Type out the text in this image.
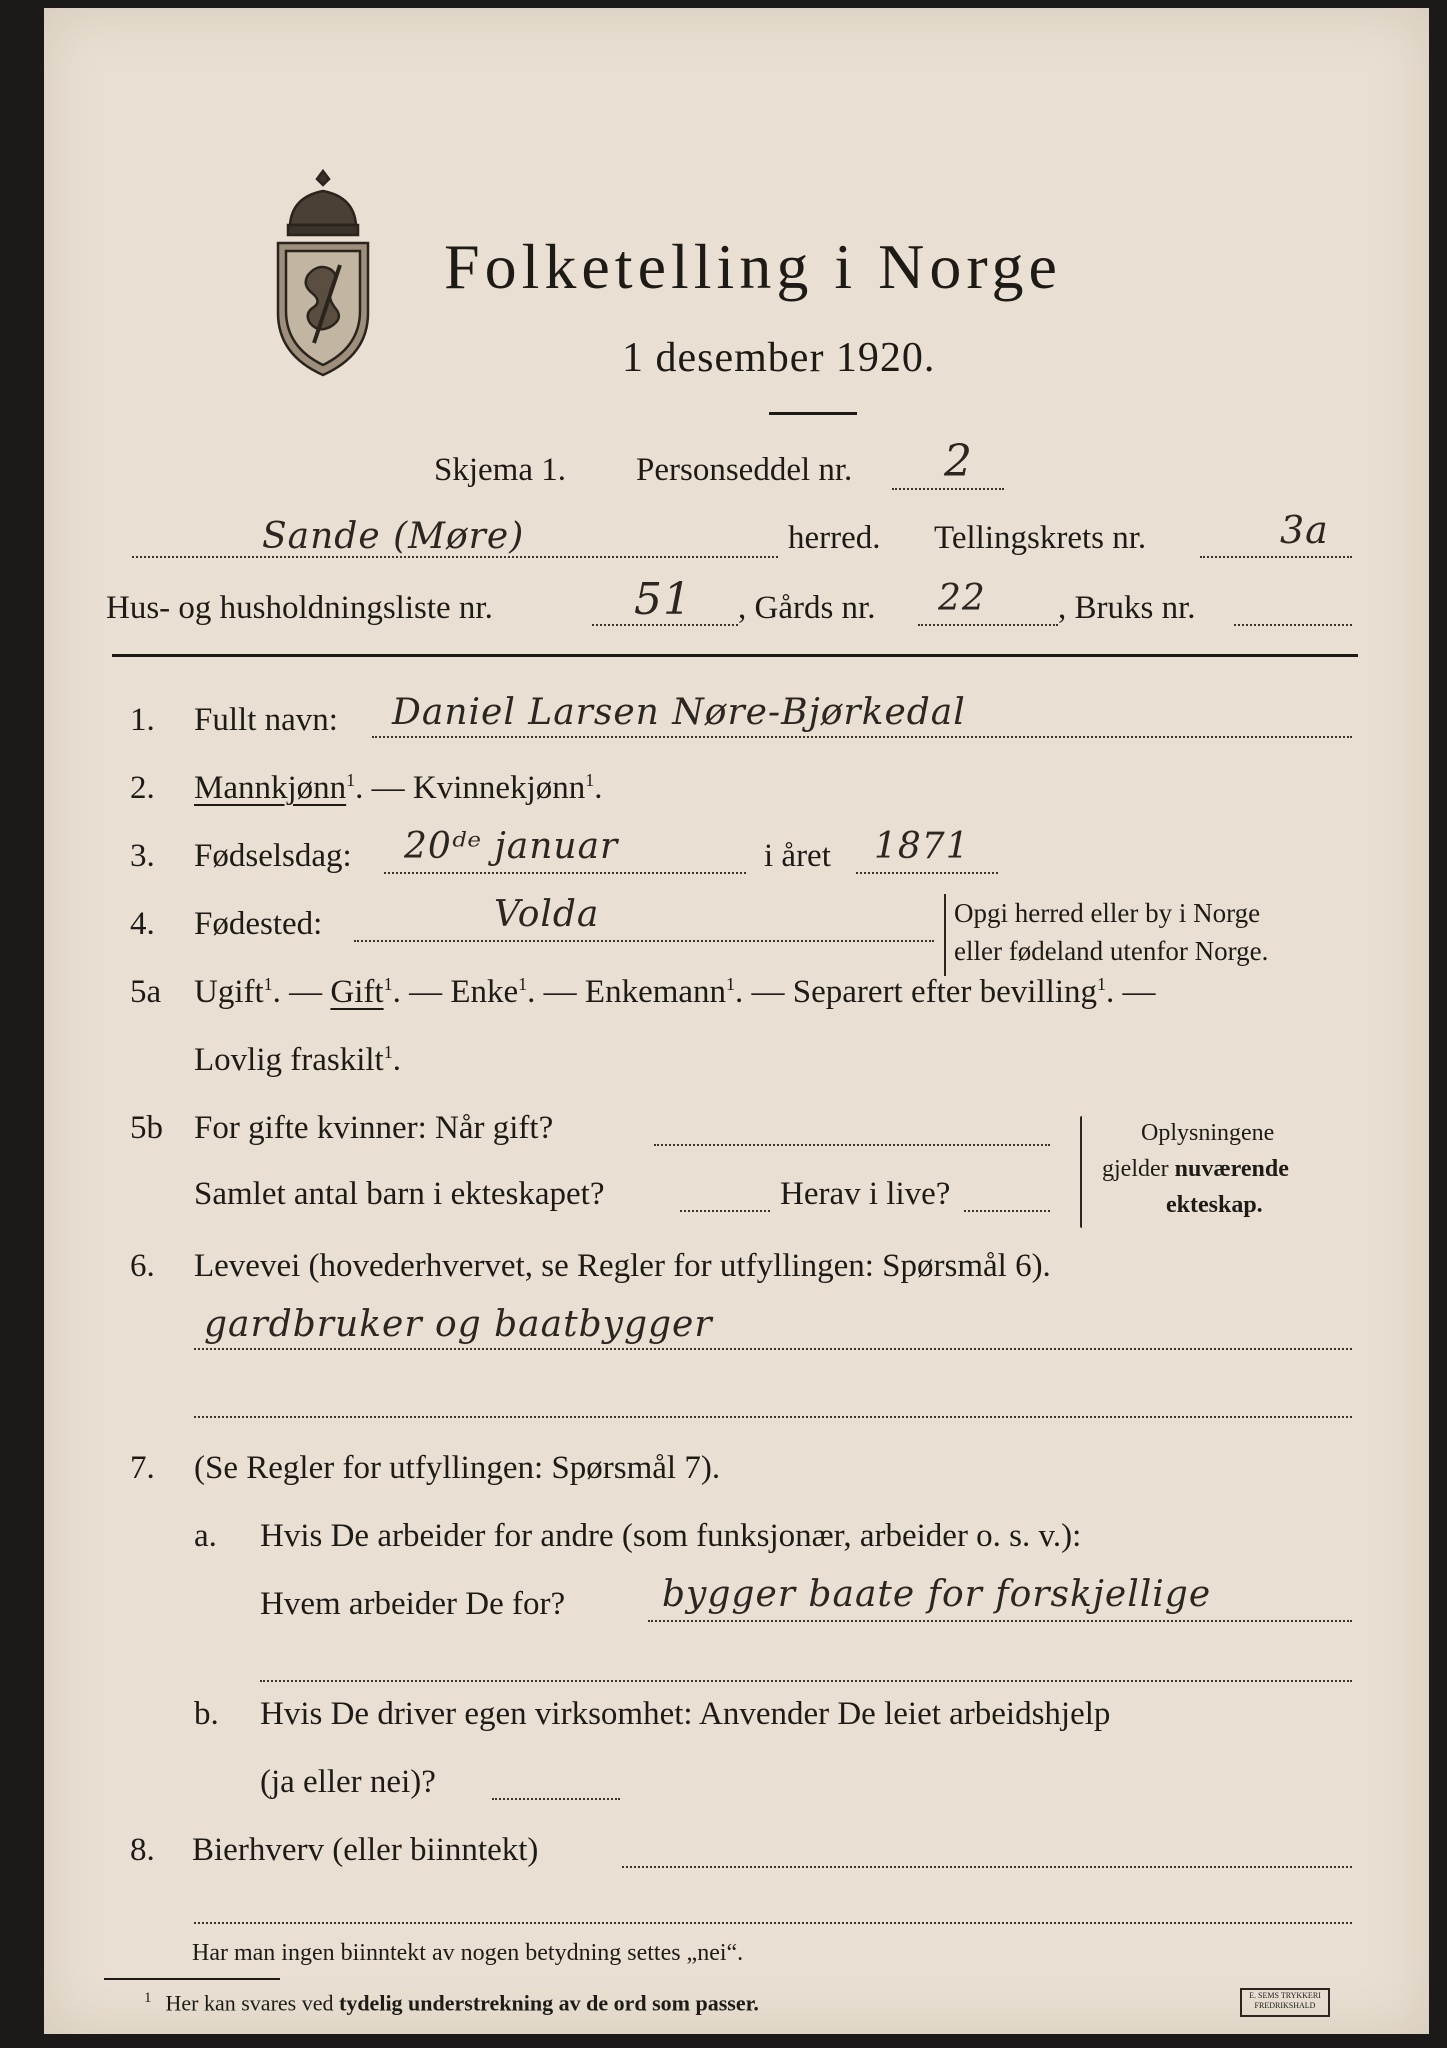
Folketelling i Norge
1 desember 1920.
Skjema 1. Personseddel nr. 2
Sande (Møre)	herred. Tellingskrets nr.	3a
Hus- og husholdningsliste nr.	51 , Gårds nr. 22 , Bruks nr.
1. Fullt navn: Daniel Larsen Nøre-Bjørkedal
2. Mannkjønn$^1$. — Kvinnekjønn$^1$.
3. Fødselsdag: 20ᵈᵉ januar	i året 1871
4. Fødested:	Volda	Opgi herred eller by i Norge
eller fødeland utenfor Norge.
5a Ugift$^1$. — Gift$^1$. — Enke$^1$. — Enkemann$^1$. — Separert efter bevilling$^1$. —
Lovlig fraskilt$^1$.
5b For gifte kvinner: Når gift?
Samlet antal barn i ekteskapet?	Herav i live?
Oplysningene
gjelder nuværende
ekteskap.
6. Levevei (hovederhvervet, se Regler for utfyllingen: Spørsmål 6).
gardbruker og baatbygger
7. (Se Regler for utfyllingen: Spørsmål 7).
a. Hvis De arbeider for andre (som funksjonær, arbeider o. s. v.):
Hvem arbeider De for?	bygger baate for forskjellige
b. Hvis De driver egen virksomhet: Anvender De leiet arbeidshjelp
(ja eller nei)?
8. Bierhverv (eller biinntekt)
Har man ingen biinntekt av nogen betydning settes „nei“.
$^1$ Her kan svares ved tydelig understrekning av de ord som passer.	E. SEMS TRYKKERI
FREDRIKSHALD
